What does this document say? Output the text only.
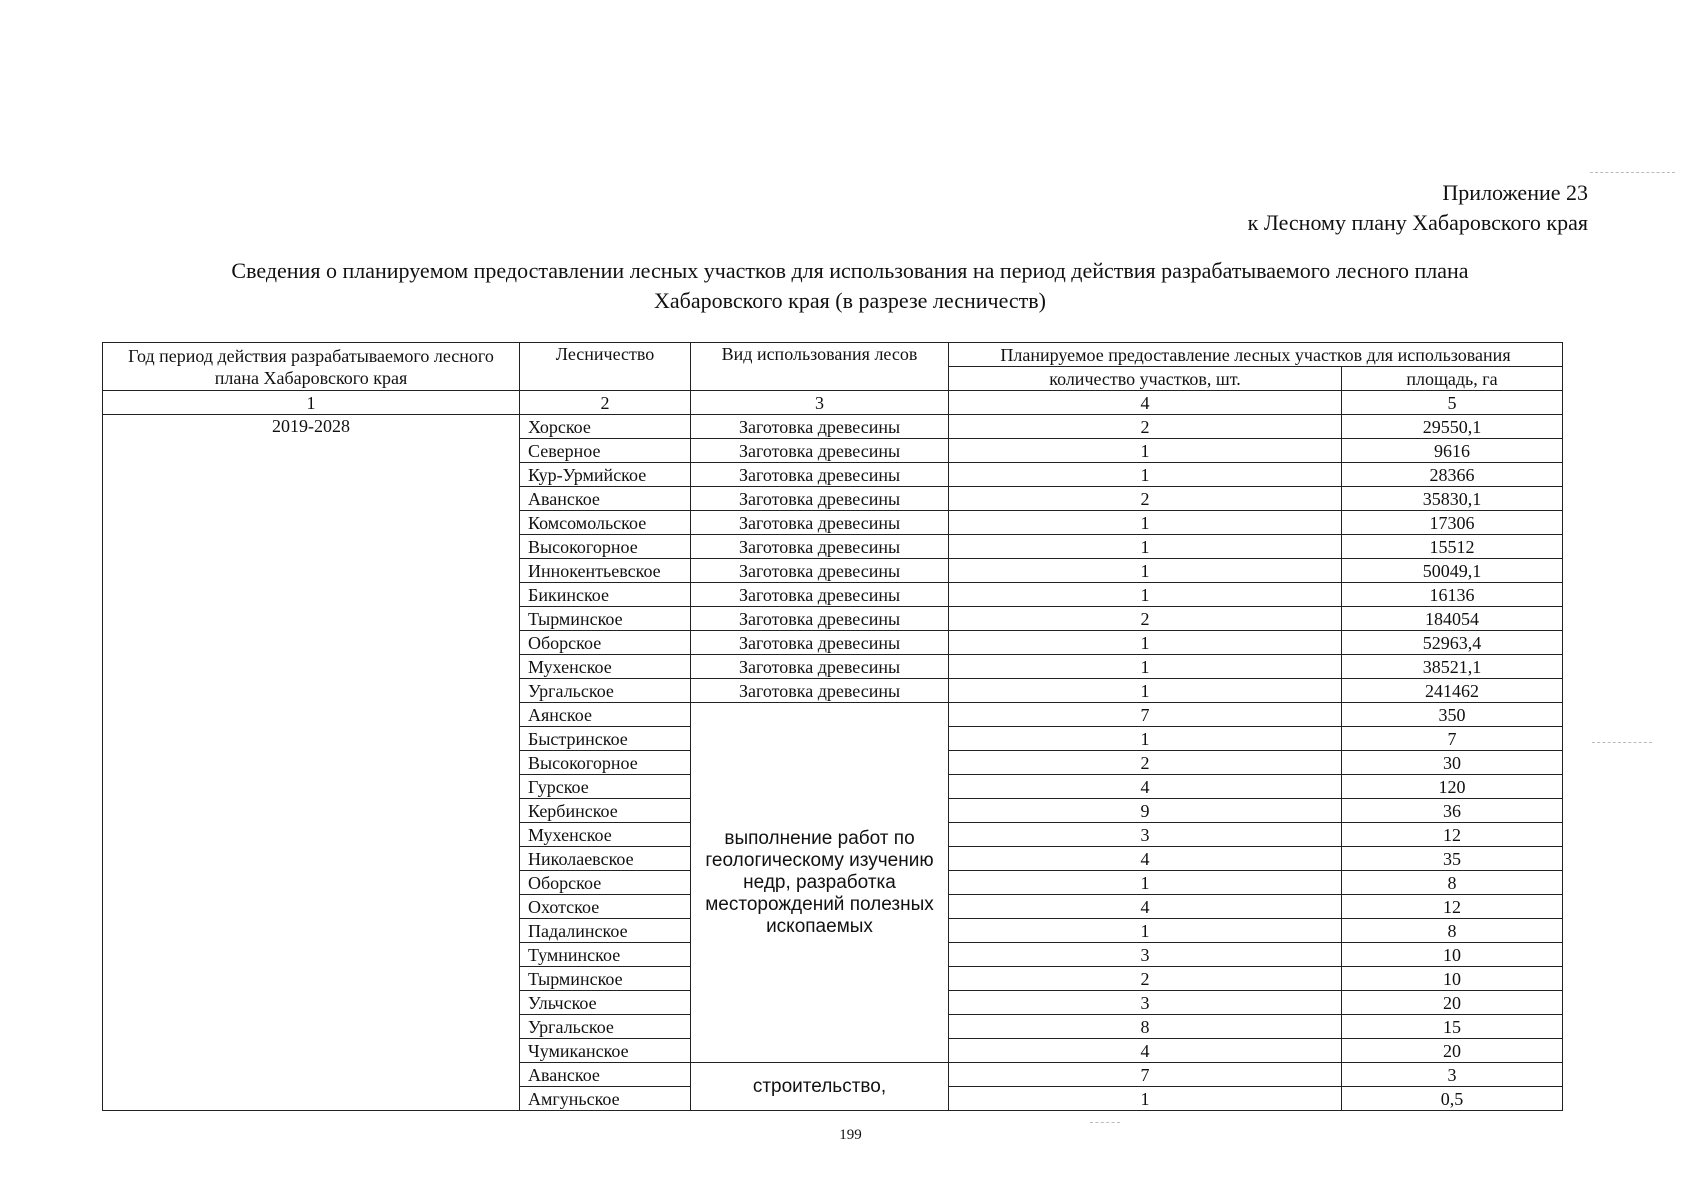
Приложение 23
к Лесному плану Хабаровского края
Сведения о планируемом предоставлении лесных участков для использования на период действия разрабатываемого лесного плана
Хабаровского края (в разрезе лесничеств)
Год период действия разрабатываемого лесного плана Хабаровского края	Лесничество	Вид использования лесов	Планируемое предоставление лесных участков для использования	
			количество участков, шт.	площадь, га
1	2	3	4	5
2019-2028	Хорское	Заготовка древесины	2	29550,1
	Северное	Заготовка древесины	1	9616
	Кур-Урмийское	Заготовка древесины	1	28366
	Аванское	Заготовка древесины	2	35830,1
	Комсомольское	Заготовка древесины	1	17306
	Высокогорное	Заготовка древесины	1	15512
	Иннокентьевское	Заготовка древесины	1	50049,1
	Бикинское	Заготовка древесины	1	16136
	Тырминское	Заготовка древесины	2	184054
	Оборское	Заготовка древесины	1	52963,4
	Мухенское	Заготовка древесины	1	38521,1
	Ургальское	Заготовка древесины	1	241462
	Аянское	выполнение работ по геологическому изучению недр, разработка месторождений полезных ископаемых	7	350
	Быстринское		1	7
	Высокогорное		2	30
	Гурское		4	120
	Кербинское		9	36
	Мухенское		3	12
	Николаевское		4	35
	Оборское		1	8
	Охотское		4	12
	Падалинское		1	8
	Тумнинское		3	10
	Тырминское		2	10
	Ульчское		3	20
	Ургальское		8	15
	Чумиканское		4	20
	Аванское	строительство,	7	3
	Амгуньское		1	0,5
199
